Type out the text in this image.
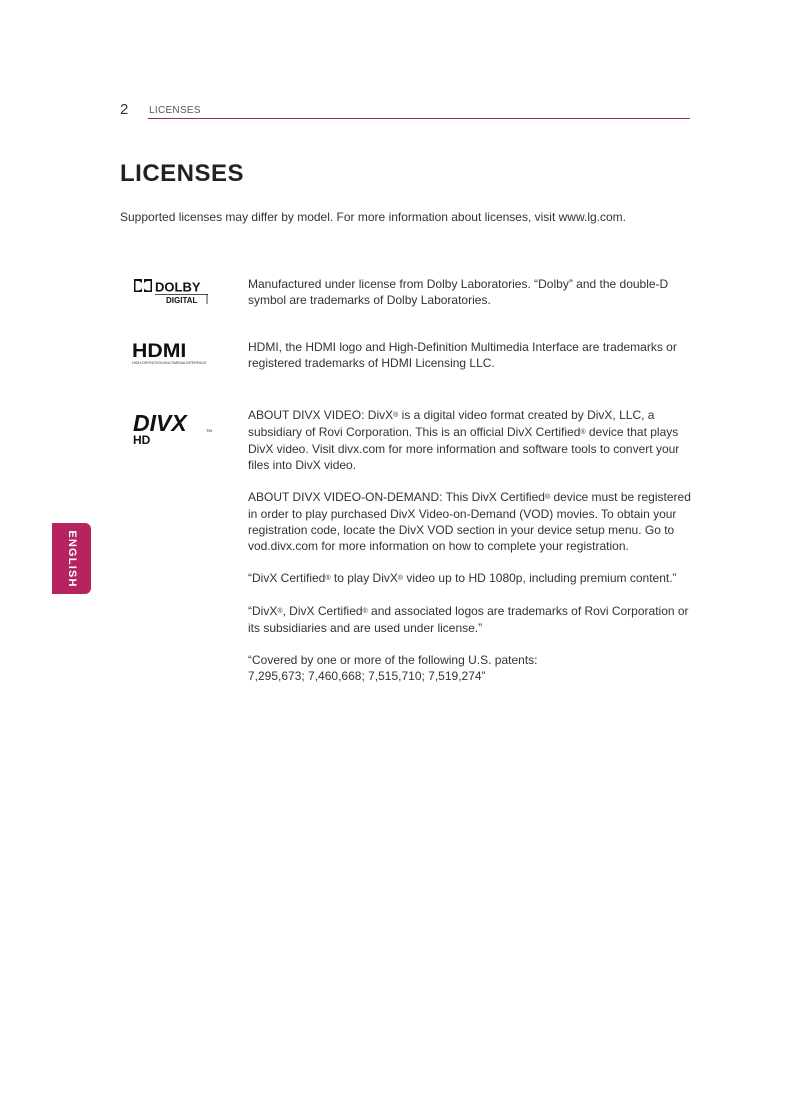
2 LICENSES
LICENSES
Supported licenses may differ by model. For more information about licenses, visit www.lg.com.
DOLBY
DIGITAL
HDMI
HIGH-DEFINITION MULTIMEDIA INTERFACE
DIVX	TM
HD

Manufactured under license from Dolby Laboratories. “Dolby” and the double-D symbol are trademarks of Dolby Laboratories.

HDMI, the HDMI logo and High-Definition Multimedia Interface are trademarks or registered trademarks of HDMI Licensing LLC.

ABOUT DIVX VIDEO: DivX® is a digital video format created by DivX, LLC, a subsidiary of Rovi Corporation. This is an official DivX Certified® device that plays DivX video. Visit divx.com for more information and software tools to convert your files into DivX video.

ABOUT DIVX VIDEO-ON-DEMAND: This DivX Certified® device must be registered in order to play purchased DivX Video-on-Demand (VOD) movies. To obtain your registration code, locate the DivX VOD section in your device setup menu. Go to vod.divx.com for more information on how to complete your registration.

“DivX Certified® to play DivX® video up to HD 1080p, including premium content.”

“DivX®, DivX Certified® and associated logos are trademarks of Rovi Corporation or its subsidiaries and are used under license.”

“Covered by one or more of the following U.S. patents:
7,295,673; 7,460,668; 7,515,710; 7,519,274”

ENGLISH
